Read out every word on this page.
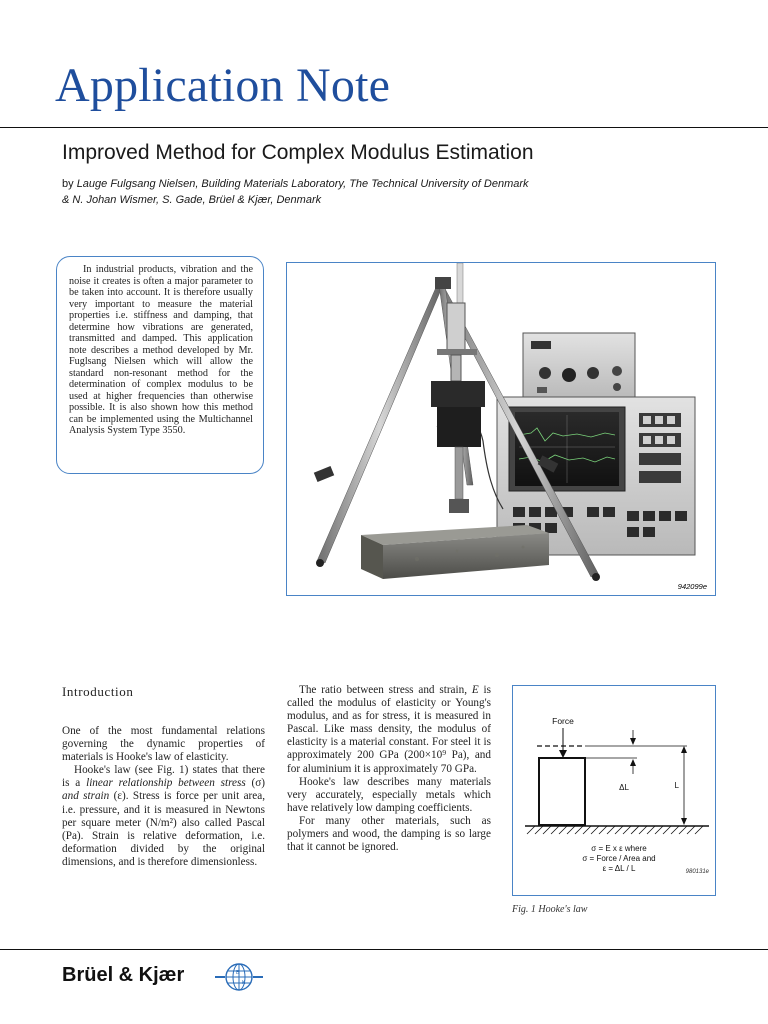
Application Note
Improved Method for Complex Modulus Estimation
by Lauge Fulgsang Nielsen, Building Materials Laboratory, The Technical University of Denmark
& N. Johan Wismer, S. Gade, Brüel & Kjær, Denmark

In industrial products, vibration and the noise it creates is often a major parameter to be taken into account. It is therefore usually very important to measure the material properties i.e. stiffness and damping, that determine how vibrations are generated, transmitted and damped. This application note describes a method developed by Mr. Fuglsang Nielsen which will allow the standard non-resonant method for the determination of complex modulus to be used at higher frequencies than otherwise possible. It is also shown how this method can be implemented using the Multichannel Analysis System Type 3550.

942099e
Introduction

One of the most fundamental relations governing the dynamic properties of materials is Hooke's law of elasticity.

Hooke's law (see Fig. 1) states that there is a linear relationship between stress (σ) and strain (ε). Stress is force per unit area, i.e. pressure, and it is measured in Newtons per square meter (N/m²) also called Pascal (Pa). Strain is relative deformation, i.e. deformation divided by the original dimensions, and is therefore dimensionless.

The ratio between stress and strain, E is called the modulus of elasticity or Young's modulus, and as for stress, it is measured in Pascal. Like mass density, the modulus of elasticity is a material constant. For steel it is approximately 200 GPa (200×10⁹ Pa), and for aluminium it is approximately 70 GPa.

Hooke's law describes many materials very accurately, especially metals which have relatively low damping coefficients.

For many other materials, such as polymers and wood, the damping is so large that it cannot be ignored.

Force
ΔL	L
σ = E x ε where
σ = Force / Area and
ε = ΔL / L	980131e
Fig. 1 Hooke's law
Brüel & Kjær	B
K
